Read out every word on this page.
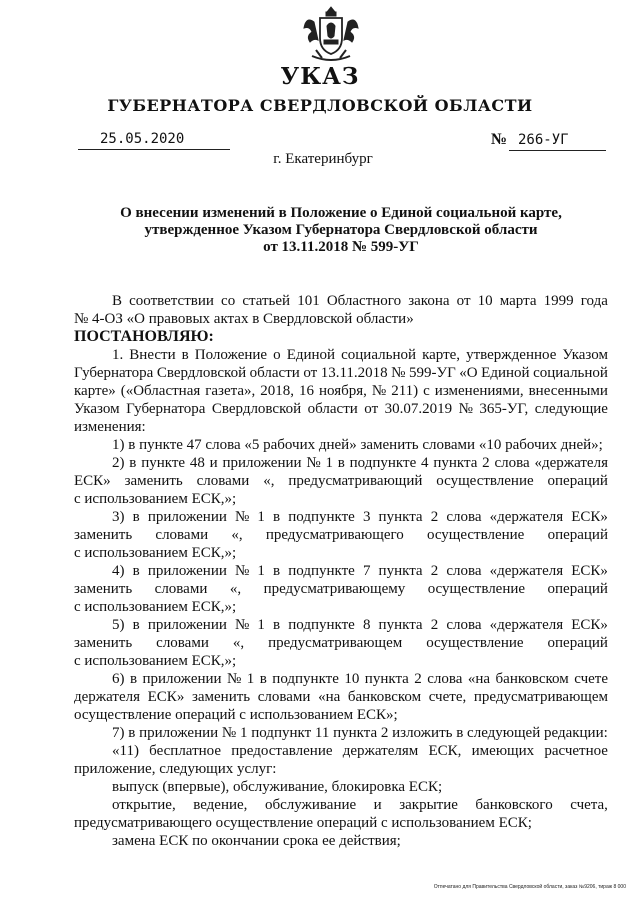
УКАЗ
ГУБЕРНАТОРА СВЕРДЛОВСКОЙ ОБЛАСТИ
25.05.2020	№ 266-УГ
г. Екатеринбург
О внесении изменений в Положение о Единой социальной карте,
утвержденное Указом Губернатора Свердловской области
от 13.11.2018 № 599-УГ
В соответствии со статьей 101 Областного закона от 10 марта 1999 года
№ 4-ОЗ «О правовых актах в Свердловской области»
ПОСТАНОВЛЯЮ:
1. Внести в Положение о Единой социальной карте, утвержденное Указом
Губернатора Свердловской области от 13.11.2018 № 599-УГ «О Единой социальной
карте» («Областная газета», 2018, 16 ноября, № 211) с изменениями, внесенными
Указом Губернатора Свердловской области от 30.07.2019 № 365-УГ, следующие
изменения:
1) в пункте 47 слова «5 рабочих дней» заменить словами «10 рабочих дней»;
2) в пункте 48 и приложении № 1 в подпункте 4 пункта 2 слова «держателя
ЕСК» заменить словами «, предусматривающий осуществление операций
с использованием ЕСК,»;
3) в приложении № 1 в подпункте 3 пункта 2 слова «держателя ЕСК»
заменить словами «, предусматривающего осуществление операций
с использованием ЕСК,»;
4) в приложении № 1 в подпункте 7 пункта 2 слова «держателя ЕСК»
заменить словами «, предусматривающему осуществление операций
с использованием ЕСК,»;
5) в приложении № 1 в подпункте 8 пункта 2 слова «держателя ЕСК»
заменить словами «, предусматривающем осуществление операций
с использованием ЕСК,»;
6) в приложении № 1 в подпункте 10 пункта 2 слова «на банковском счете
держателя ЕСК» заменить словами «на банковском счете, предусматривающем
осуществление операций с использованием ЕСК»;
7) в приложении № 1 подпункт 11 пункта 2 изложить в следующей редакции:
«11) бесплатное предоставление держателям ЕСК, имеющих расчетное
приложение, следующих услуг:
выпуск (впервые), обслуживание, блокировка ЕСК;
открытие, ведение, обслуживание и закрытие банковского счета,
предусматривающего осуществление операций с использованием ЕСК;
замена ЕСК по окончании срока ее действия;
Отпечатано для Правительства Свердловской области, заказ №9206, тираж 8 000
